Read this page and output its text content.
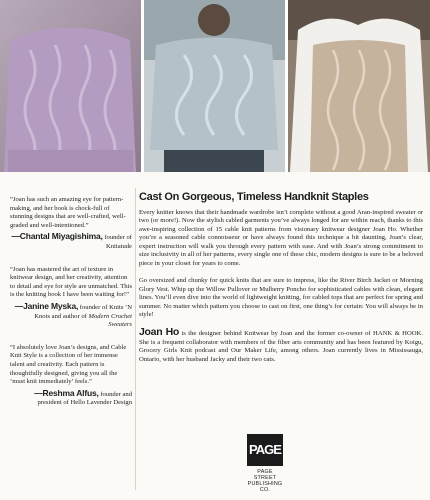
“Joan has such an amazing eye for pattern-making, and her book is chock-full of stunning designs that are well-crafted, well-graded and well-intentioned.”

—Chantal Miyagishima, founder of Knitatude

“Joan has mastered the art of texture in knitwear design, and her creativity, attention to detail and eye for style are unmatched. This is the knitting book I have been waiting for!”

—Janine Myska, founder of Knits ’N Knots and author of Modern Crochet Sweaters

“I absolutely love Joan’s designs, and Cable Knit Style is a collection of her immense talent and creativity. Each pattern is thoughtfully designed, giving you all the ‘must knit immediately’ feels.”

—Reshma Alfus, founder and president of Hello Lavender Design

Cast On Gorgeous, Timeless Handknit Staples

Every knitter knows that their handmade wardrobe isn’t complete without a good Aran-inspired sweater or two (or more!). Now the stylish cabled garments you’ve always longed for are within reach, thanks to this awe-inspiring collection of 15 cable knit patterns from visionary knitwear designer Joan Ho. Whether you’re a seasoned cable connoisseur or have always found this technique a bit daunting, Joan’s clear, expert instruction will walk you through every pattern with ease. And with Joan’s strong commitment to size inclusivity in all of her patterns, every single one of these chic, modern designs is sure to be a beloved piece in your closet for years to come.

Go oversized and chunky for quick knits that are sure to impress, like the River Birch Jacket or Morning Glory Vest. Whip up the Willow Pullover or Mulberry Poncho for sophisticated cables with clean, elegant lines. You’ll even dive into the world of lightweight knitting, for cabled tops that are perfect for spring and summer. No matter which pattern you choose to cast on first, one thing’s for certain: You will always be in style!

Joan Ho is the designer behind Knitwear by Joan and the former co-owner of HANK & HOOK. She is a frequent collaborator with members of the fiber arts community and has been featured by Koigu, Grocery Girls Knit podcast and Our Maker Life, among others. Joan currently lives in Mississauga, Ontario, with her husband Jacky and their two cats.

PAGE
PAGE STREET
PUBLISHING CO.
